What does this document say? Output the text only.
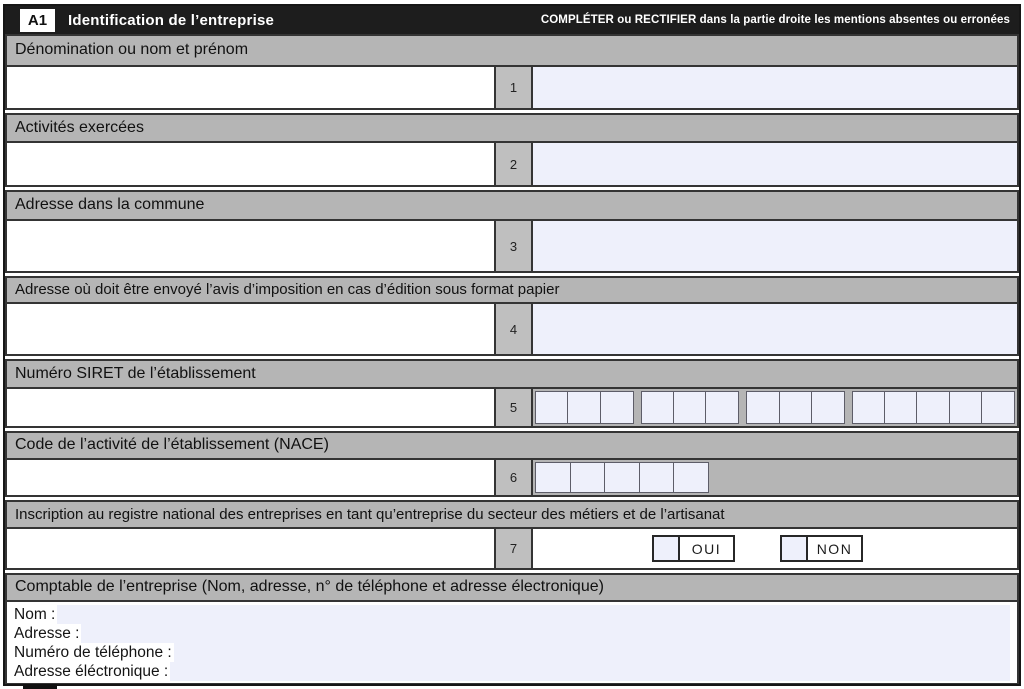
A1	Identification de l’entreprise	COMPLÉTER ou RECTIFIER dans la partie droite les mentions absentes ou erronées
Dénomination ou nom et prénom
1
Activités exercées
2
Adresse dans la commune
3
Adresse où doit être envoyé l’avis d’imposition en cas d’édition sous format papier
4
Numéro SIRET de l’établissement
5
Code de l’activité de l’établissement (NACE)
6
Inscription au registre national des entreprises en tant qu’entreprise du secteur des métiers et de l’artisanat
7	OUI	NON
Comptable de l’entreprise (Nom, adresse, n° de téléphone et adresse électronique)
Nom :
Adresse :
Numéro de téléphone :
Adresse éléctronique :
